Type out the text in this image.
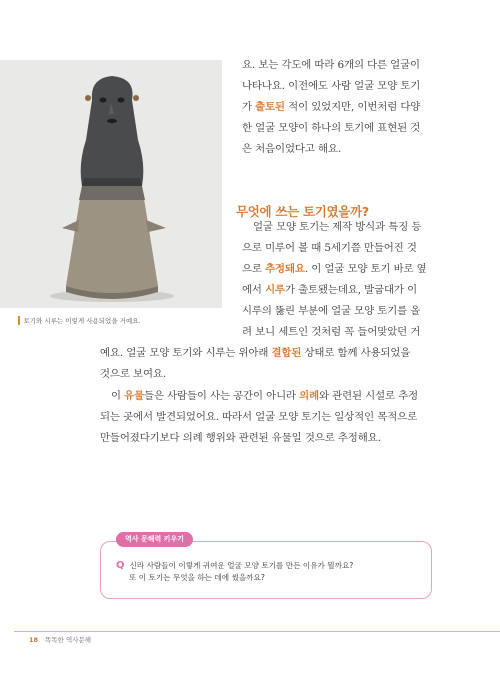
토기와 시루는 이렇게 사용되었을 거예요.
요. 보는 각도에 따라 6개의 다른 얼굴이
나타나요. 이전에도 사람 얼굴 모양 토기
가 출토된 적이 있었지만, 이번처럼 다양
한 얼굴 모양이 하나의 토기에 표현된 것
은 처음이었다고 해요.
무엇에 쓰는 토기였을까?
얼굴 모양 토기는 제작 방식과 특징 등
으로 미루어 볼 때 5세기쯤 만들어진 것
으로 추정돼요. 이 얼굴 모양 토기 바로 옆
에서 시루가 출토됐는데요, 발굽대가 이
시루의 뚫린 부분에 얼굴 모양 토기를 올
려 보니 세트인 것처럼 꼭 들어맞았던 거
예요. 얼굴 모양 토기와 시루는 위아래 결합된 상태로 함께 사용되었을
것으로 보여요.
이 유물들은 사람들이 사는 공간이 아니라 의례와 관련된 시설로 추정
되는 곳에서 발견되었어요. 따라서 얼굴 모양 토기는 일상적인 목적으로
만들어졌다기보다 의례 행위와 관련된 유물일 것으로 추정해요.
역사 문해력 키우기
Q 신라 사람들이 이렇게 귀여운 얼굴 모양 토기를 만든 이유가 뭘까요?
또 이 토기는 무엇을 하는 데에 썼을까요?
18 똑똑한 역사문해
